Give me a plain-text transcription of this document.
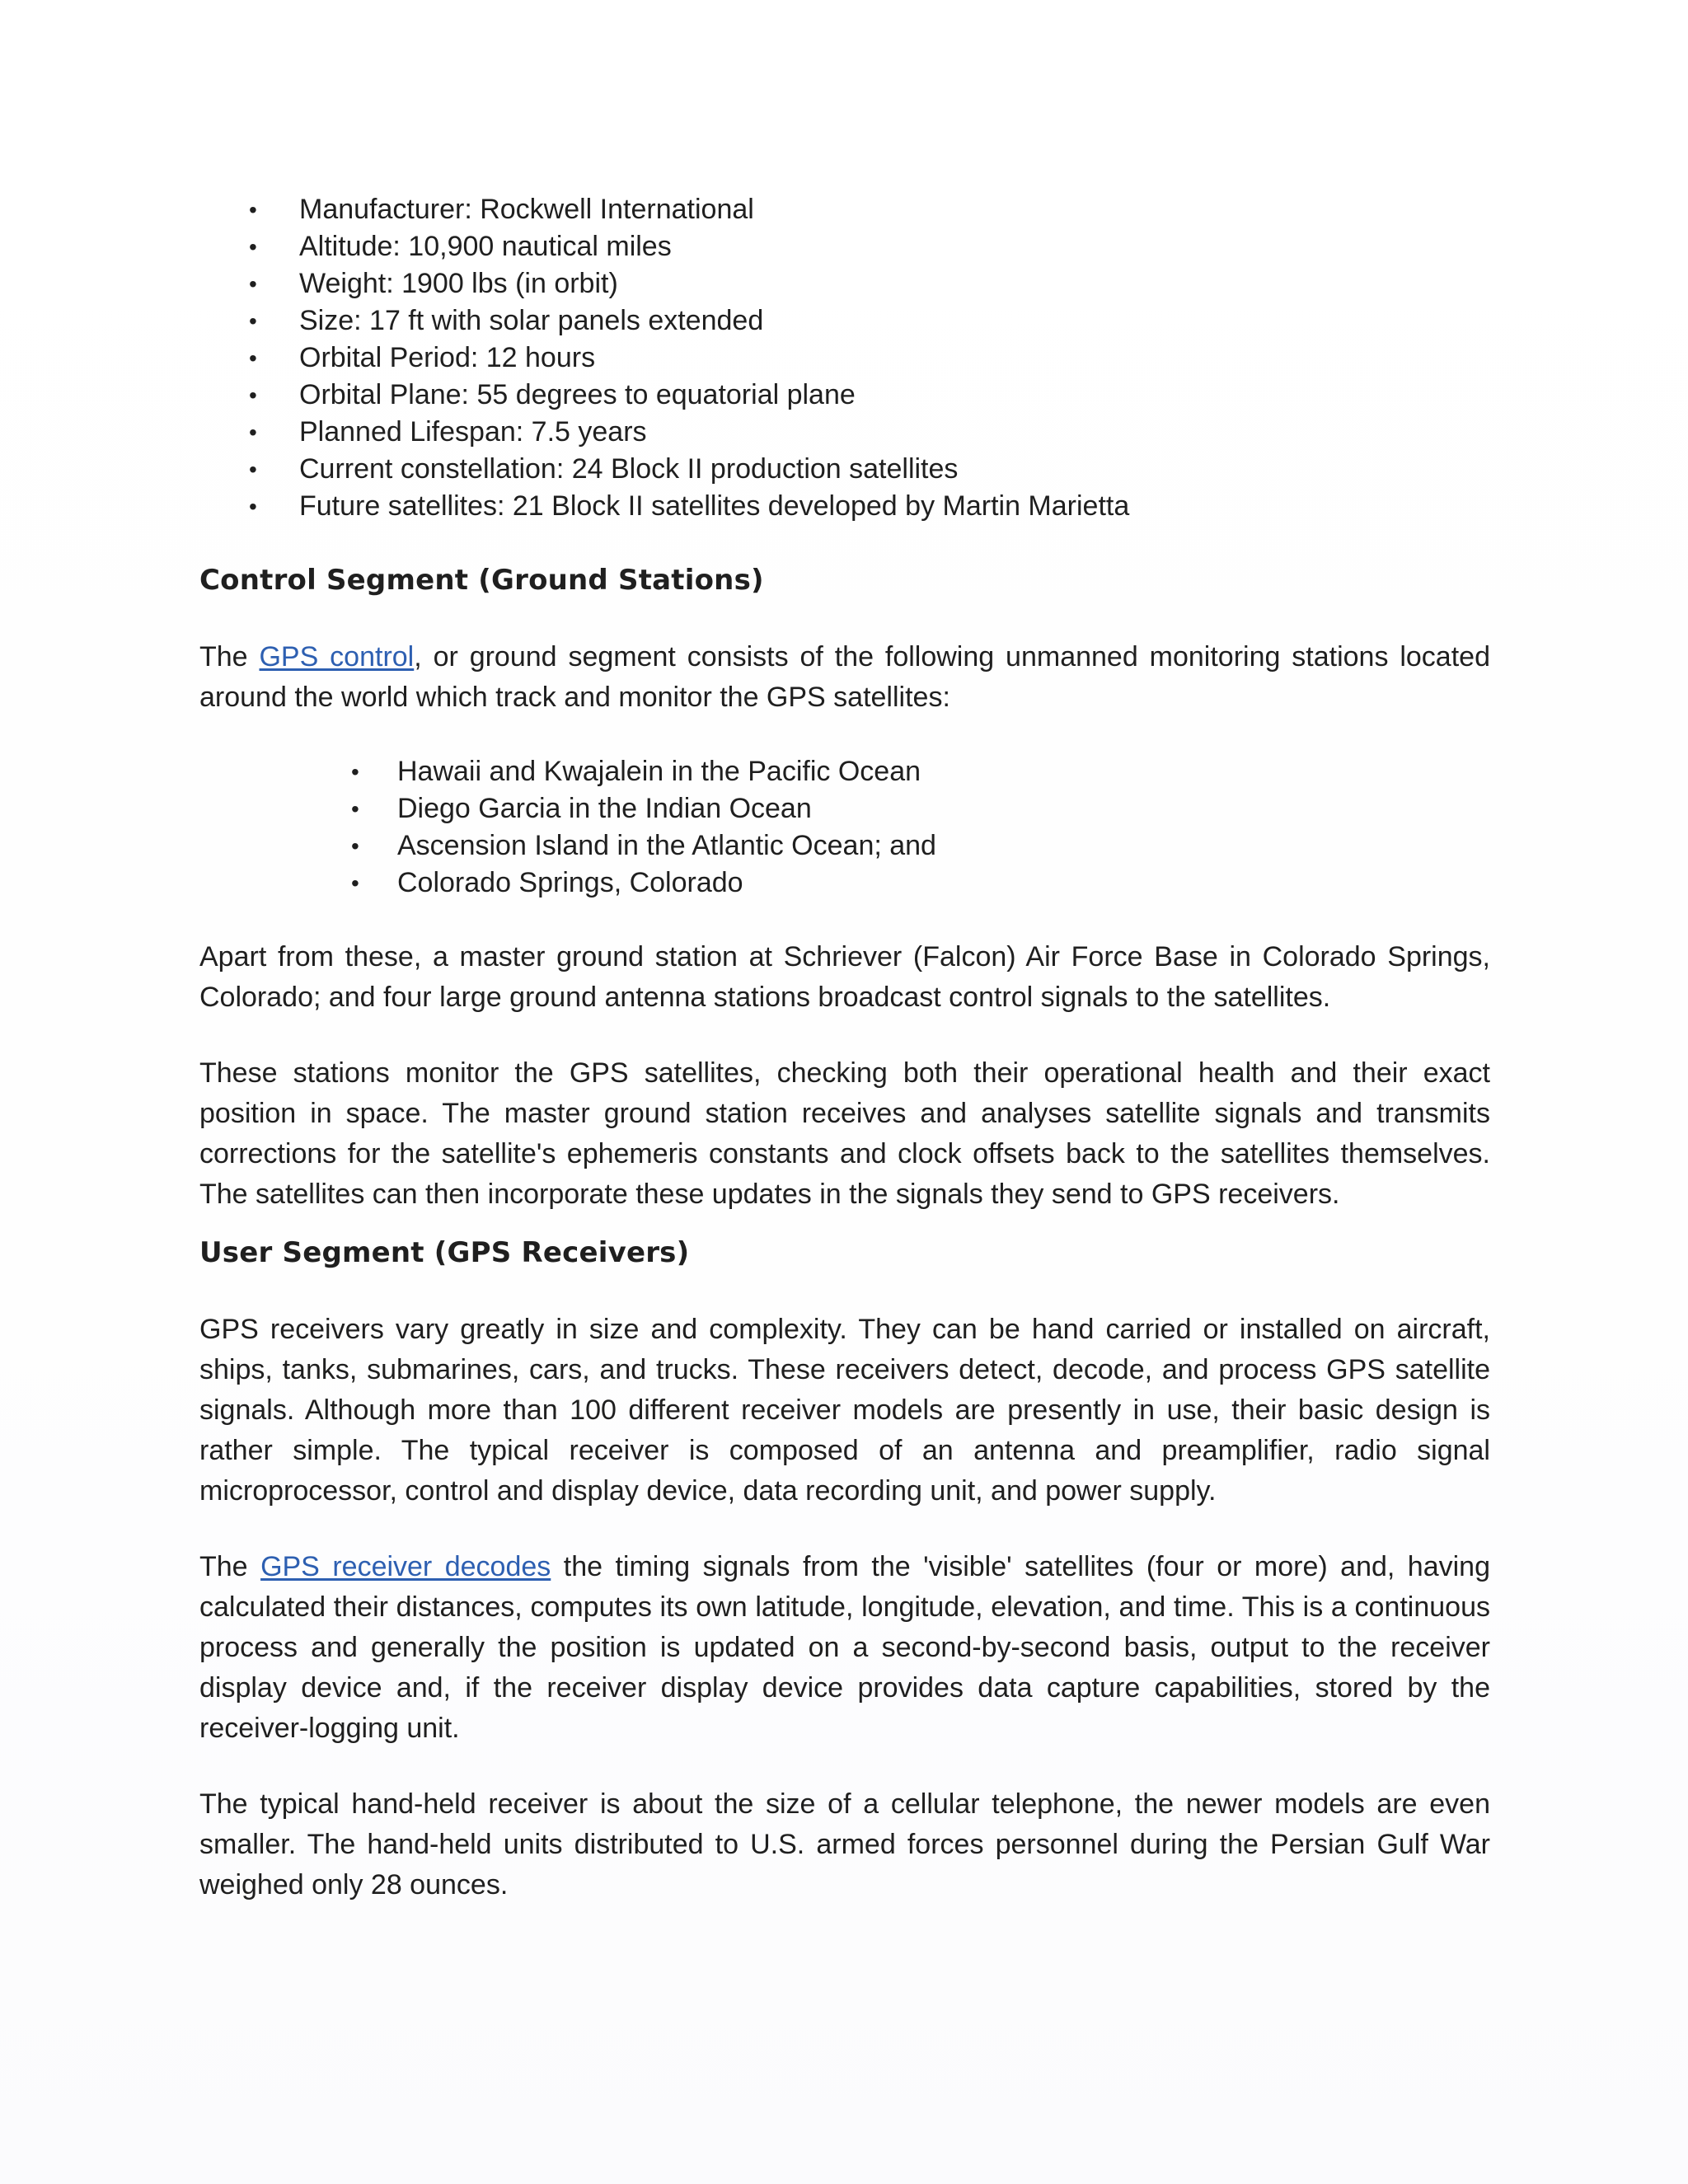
• Manufacturer: Rockwell International
• Altitude: 10,900 nautical miles
• Weight: 1900 lbs (in orbit)
• Size: 17 ft with solar panels extended
• Orbital Period: 12 hours
• Orbital Plane: 55 degrees to equatorial plane
• Planned Lifespan: 7.5 years
• Current constellation: 24 Block II production satellites
• Future satellites: 21 Block II satellites developed by Martin Marietta
Control Segment (Ground Stations)

The GPS control, or ground segment consists of the following unmanned monitoring stations located around the world which track and monitor the GPS satellites:

• Hawaii and Kwajalein in the Pacific Ocean
• Diego Garcia in the Indian Ocean
• Ascension Island in the Atlantic Ocean; and
• Colorado Springs, Colorado

Apart from these, a master ground station at Schriever (Falcon) Air Force Base in Colorado Springs, Colorado; and four large ground antenna stations broadcast control signals to the satellites.

These stations monitor the GPS satellites, checking both their operational health and their exact position in space. The master ground station receives and analyses satellite signals and transmits corrections for the satellite's ephemeris constants and clock offsets back to the satellites themselves. The satellites can then incorporate these updates in the signals they send to GPS receivers.

User Segment (GPS Receivers)

GPS receivers vary greatly in size and complexity. They can be hand carried or installed on aircraft, ships, tanks, submarines, cars, and trucks. These receivers detect, decode, and process GPS satellite signals. Although more than 100 different receiver models are presently in use, their basic design is rather simple. The typical receiver is composed of an antenna and preamplifier, radio signal microprocessor, control and display device, data recording unit, and power supply.

The GPS receiver decodes the timing signals from the 'visible' satellites (four or more) and, having calculated their distances, computes its own latitude, longitude, elevation, and time. This is a continuous process and generally the position is updated on a second-by-second basis, output to the receiver display device and, if the receiver display device provides data capture capabilities, stored by the receiver-logging unit.

The typical hand-held receiver is about the size of a cellular telephone, the newer models are even smaller. The hand-held units distributed to U.S. armed forces personnel during the Persian Gulf War weighed only 28 ounces.
